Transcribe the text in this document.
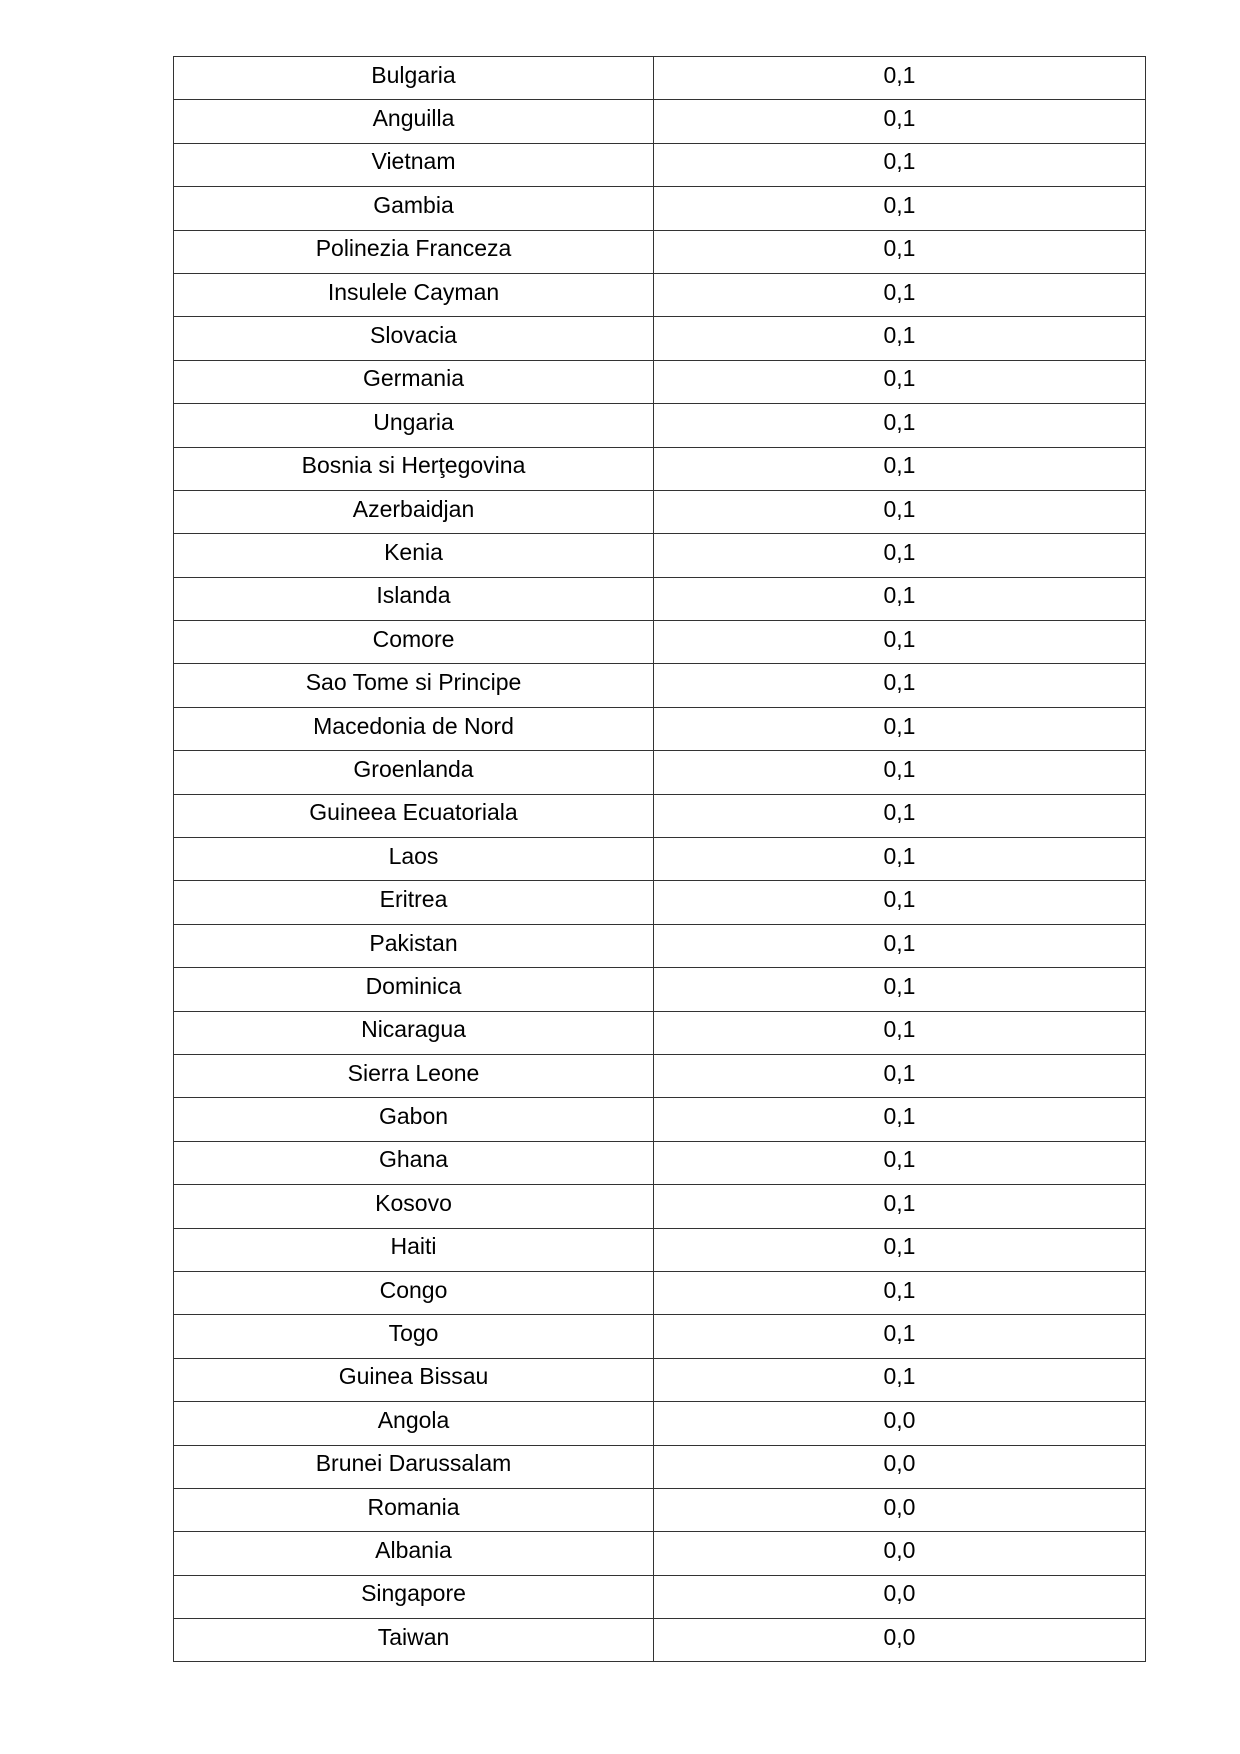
Bulgaria	0,1
Anguilla	0,1
Vietnam	0,1
Gambia	0,1
Polinezia Franceza	0,1
Insulele Cayman	0,1
Slovacia	0,1
Germania	0,1
Ungaria	0,1
Bosnia si Herţegovina	0,1
Azerbaidjan	0,1
Kenia	0,1
Islanda	0,1
Comore	0,1
Sao Tome si Principe	0,1
Macedonia de Nord	0,1
Groenlanda	0,1
Guineea Ecuatoriala	0,1
Laos	0,1
Eritrea	0,1
Pakistan	0,1
Dominica	0,1
Nicaragua	0,1
Sierra Leone	0,1
Gabon	0,1
Ghana	0,1
Kosovo	0,1
Haiti	0,1
Congo	0,1
Togo	0,1
Guinea Bissau	0,1
Angola	0,0
Brunei Darussalam	0,0
Romania	0,0
Albania	0,0
Singapore	0,0
Taiwan	0,0
